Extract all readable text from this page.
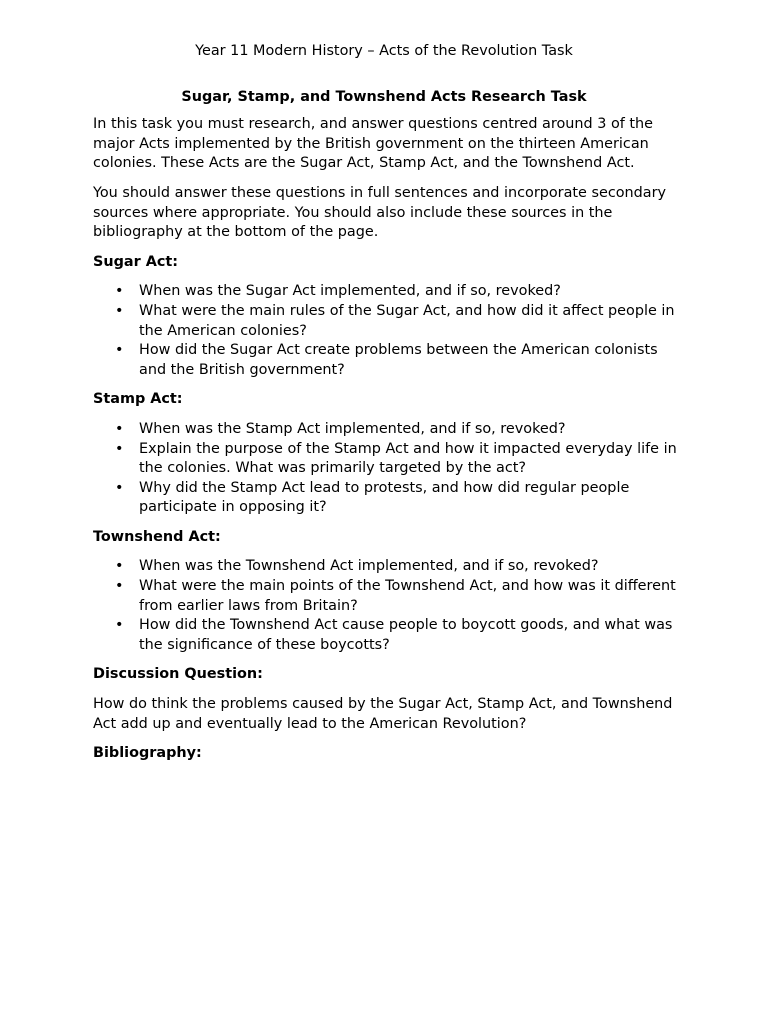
Year 11 Modern History – Acts of the Revolution Task
Sugar, Stamp, and Townshend Acts Research Task

In this task you must research, and answer questions centred around 3 of the major Acts implemented by the British government on the thirteen American colonies. These Acts are the Sugar Act, Stamp Act, and the Townshend Act.

You should answer these questions in full sentences and incorporate secondary sources where appropriate. You should also include these sources in the bibliography at the bottom of the page.

Sugar Act:
• When was the Sugar Act implemented, and if so, revoked?
• What were the main rules of the Sugar Act, and how did it affect people in the American colonies?
• How did the Sugar Act create problems between the American colonists and the British government?
Stamp Act:
• When was the Stamp Act implemented, and if so, revoked?
• Explain the purpose of the Stamp Act and how it impacted everyday life in the colonies. What was primarily targeted by the act?
• Why did the Stamp Act lead to protests, and how did regular people participate in opposing it?
Townshend Act:
• When was the Townshend Act implemented, and if so, revoked?
• What were the main points of the Townshend Act, and how was it different from earlier laws from Britain?
• How did the Townshend Act cause people to boycott goods, and what was the significance of these boycotts?
Discussion Question:

How do think the problems caused by the Sugar Act, Stamp Act, and Townshend Act add up and eventually lead to the American Revolution?

Bibliography:
